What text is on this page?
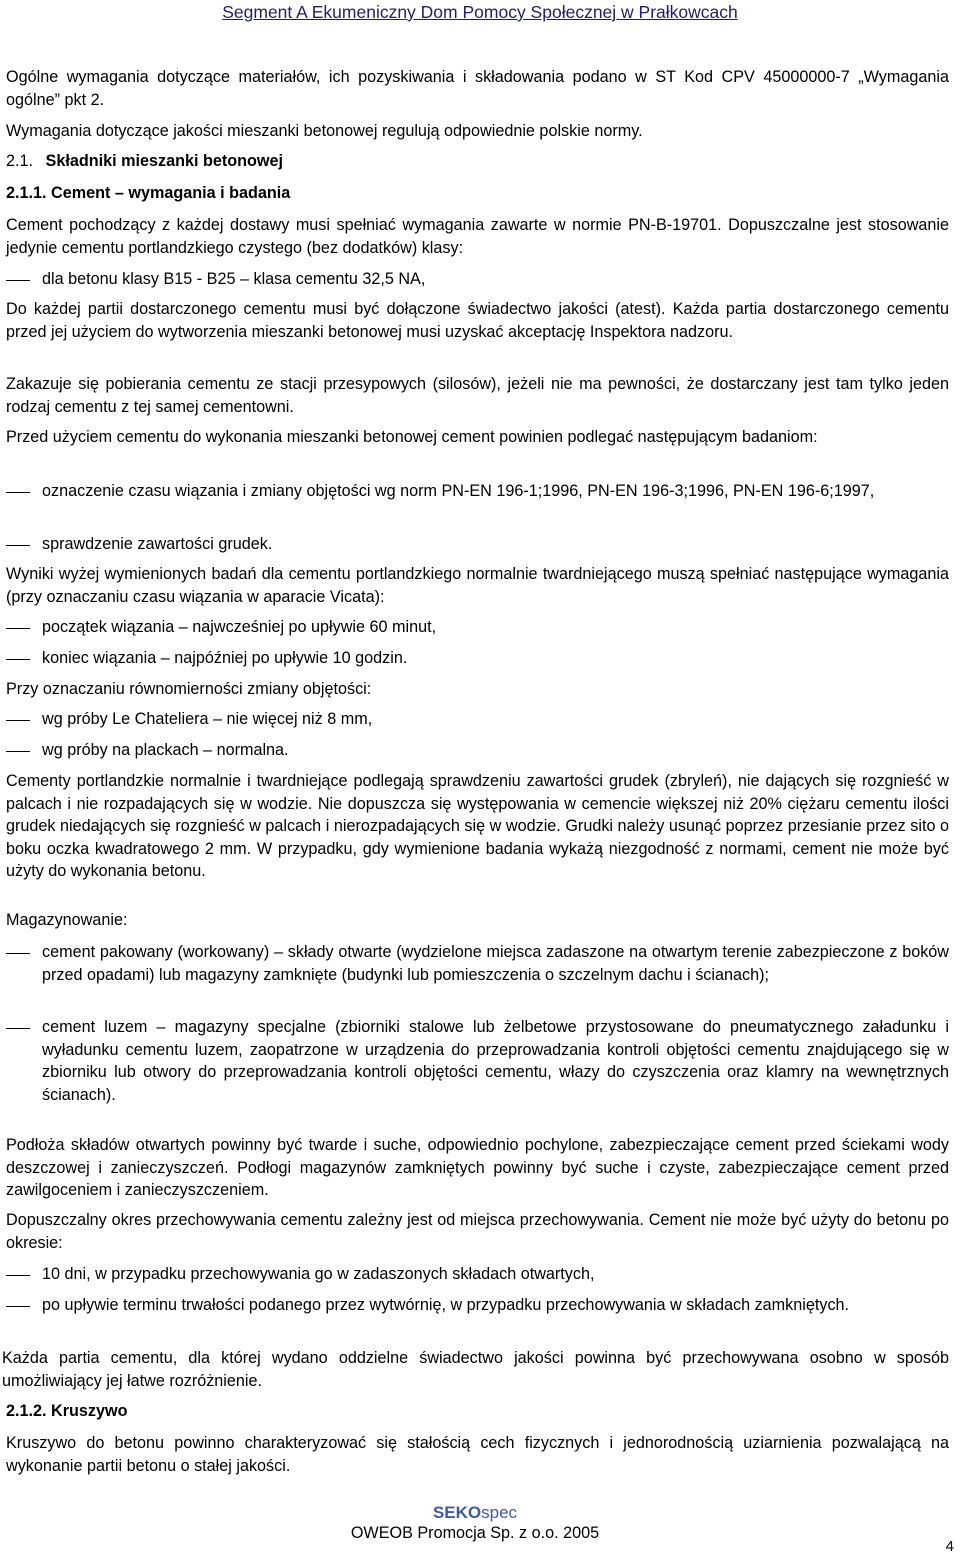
Segment A Ekumeniczny Dom Pomocy Społecznej w Prałkowcach

Ogólne wymagania dotyczące materiałów, ich pozyskiwania i składowania podano w ST Kod CPV 45000000-7 „Wymagania ogólne” pkt 2.

Wymagania dotyczące jakości mieszanki betonowej regulują odpowiednie polskie normy.

2.1. Składniki mieszanki betonowej
2.1.1. Cement – wymagania i badania

Cement pochodzący z każdej dostawy musi spełniać wymagania zawarte w normie PN-B-19701. Dopuszczalne jest stosowanie jedynie cementu portlandzkiego czystego (bez dodatków) klasy:

dla betonu klasy B15 - B25 – klasa cementu 32,5 NA,

Do każdej partii dostarczonego cementu musi być dołączone świadectwo jakości (atest). Każda partia dostarczonego cementu przed jej użyciem do wytworzenia mieszanki betonowej musi uzyskać akceptację Inspektora nadzoru.

Zakazuje się pobierania cementu ze stacji przesypowych (silosów), jeżeli nie ma pewności, że dostarczany jest tam tylko jeden rodzaj cementu z tej samej cementowni.

Przed użyciem cementu do wykonania mieszanki betonowej cement powinien podlegać następującym badaniom:

oznaczenie czasu wiązania i zmiany objętości wg norm PN-EN 196-1;1996, PN-EN 196-3;1996, PN-EN 196-6;1997,
sprawdzenie zawartości grudek.

Wyniki wyżej wymienionych badań dla cementu portlandzkiego normalnie twardniejącego muszą spełniać następujące wymagania (przy oznaczaniu czasu wiązania w aparacie Vicata):

początek wiązania – najwcześniej po upływie 60 minut,
koniec wiązania – najpóźniej po upływie 10 godzin.

Przy oznaczaniu równomierności zmiany objętości:

wg próby Le Chateliera – nie więcej niż 8 mm,
wg próby na plackach – normalna.

Cementy portlandzkie normalnie i twardniejące podlegają sprawdzeniu zawartości grudek (zbryleń), nie dających się rozgnieść w palcach i nie rozpadających się w wodzie. Nie dopuszcza się występowania w cemencie większej niż 20% ciężaru cementu ilości grudek niedających się rozgnieść w palcach i nierozpadających się w wodzie. Grudki należy usunąć poprzez przesianie przez sito o boku oczka kwadratowego 2 mm. W przypadku, gdy wymienione badania wykażą niezgodność z normami, cement nie może być użyty do wykonania betonu.

Magazynowanie:

cement pakowany (workowany) – składy otwarte (wydzielone miejsca zadaszone na otwartym terenie zabezpieczone z boków przed opadami) lub magazyny zamknięte (budynki lub pomieszczenia o szczelnym dachu i ścianach);
cement luzem – magazyny specjalne (zbiorniki stalowe lub żelbetowe przystosowane do pneumatycznego załadunku i wyładunku cementu luzem, zaopatrzone w urządzenia do przeprowadzania kontroli objętości cementu znajdującego się w zbiorniku lub otwory do przeprowadzania kontroli objętości cementu, włazy do czyszczenia oraz klamry na wewnętrznych ścianach).

Podłoża składów otwartych powinny być twarde i suche, odpowiednio pochylone, zabezpieczające cement przed ściekami wody deszczowej i zanieczyszczeń. Podłogi magazynów zamkniętych powinny być suche i czyste, zabezpieczające cement przed zawilgoceniem i zanieczyszczeniem.

Dopuszczalny okres przechowywania cementu zależny jest od miejsca przechowywania. Cement nie może być użyty do betonu po okresie:

10 dni, w przypadku przechowywania go w zadaszonych składach otwartych,
po upływie terminu trwałości podanego przez wytwórnię, w przypadku przechowywania w składach zamkniętych.

Każda partia cementu, dla której wydano oddzielne świadectwo jakości powinna być przechowywana osobno w sposób umożliwiający jej łatwe rozróżnienie.

2.1.2. Kruszywo

Kruszywo do betonu powinno charakteryzować się stałością cech fizycznych i jednorodnością uziarnienia pozwalającą na wykonanie partii betonu o stałej jakości.

SEKOspec
OWEOB Promocja Sp. z o.o. 2005
4
